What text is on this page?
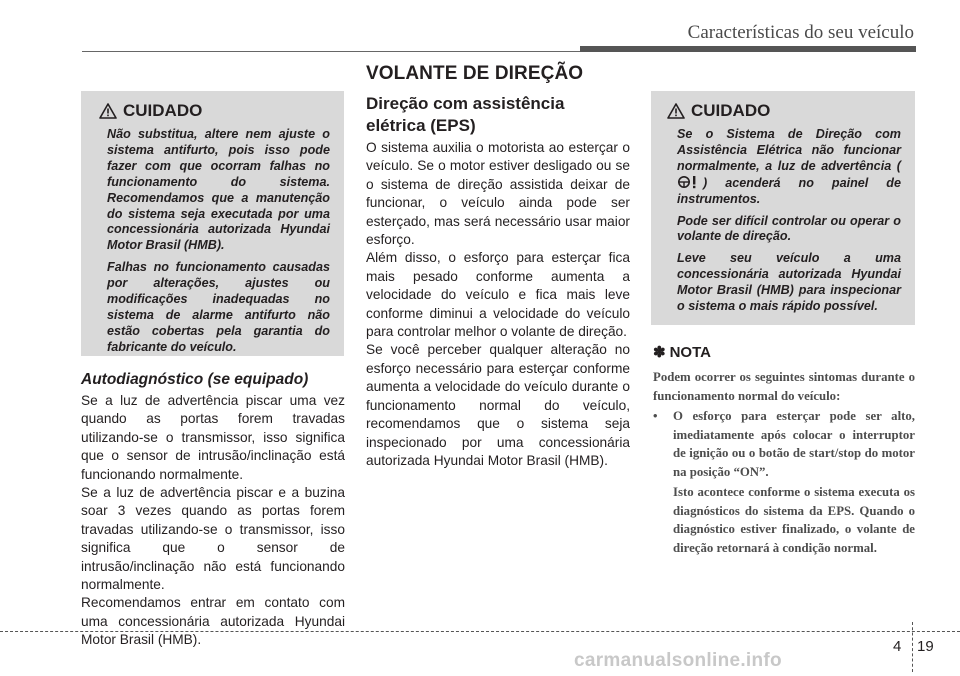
Características do seu veículo
VOLANTE DE DIREÇÃO
CUIDADO

Não substitua, altere nem ajuste o sistema antifurto, pois isso pode fazer com que ocorram falhas no funcionamento do sistema. Recomendamos que a manutenção do sistema seja executada por uma concessionária autorizada Hyundai Motor Brasil (HMB).

Falhas no funcionamento causadas por alterações, ajustes ou modificações inadequadas no sistema de alarme antifurto não estão cobertas pela garantia do fabricante do veículo.

Autodiagnóstico (se equipado)

Se a luz de advertência piscar uma vez quando as portas forem travadas utilizando-se o transmissor, isso significa que o sensor de intrusão/inclinação está funcionando normalmente.

Se a luz de advertência piscar e a buzina soar 3 vezes quando as portas forem travadas utilizando-se o transmissor, isso significa que o sensor de intrusão/inclinação não está funcionando normalmente.

Recomendamos entrar em contato com uma concessionária autorizada Hyundai Motor Brasil (HMB).

Direção com assistência elétrica (EPS)

O sistema auxilia o motorista ao esterçar o veículo. Se o motor estiver desligado ou se o sistema de direção assistida deixar de funcionar, o veículo ainda pode ser esterçado, mas será necessário usar maior esforço.

Além disso, o esforço para esterçar fica mais pesado conforme aumenta a velocidade do veículo e fica mais leve conforme diminui a velocidade do veículo para controlar melhor o volante de direção.

Se você perceber qualquer alteração no esforço necessário para esterçar conforme aumenta a velocidade do veículo durante o funcionamento normal do veículo, recomendamos que o sistema seja inspecionado por uma concessionária autorizada Hyundai Motor Brasil (HMB).

CUIDADO

Se o Sistema de Direção com Assistência Elétrica não funcionar normalmente, a luz de advertência () acenderá no painel de instrumentos.

Pode ser difícil controlar ou operar o volante de direção.

Leve seu veículo a uma concessionária autorizada Hyundai Motor Brasil (HMB) para inspecionar o sistema o mais rápido possível.

✽ NOTA

Podem ocorrer os seguintes sintomas durante o funcionamento normal do veículo:

•	O esforço para esterçar pode ser alto, imediatamente após colocar o interruptor de ignição ou o botão de start/stop do motor na posição “ON”.

Isto acontece conforme o sistema executa os diagnósticos do sistema da EPS. Quando o diagnóstico estiver finalizado, o volante de direção retornará à condição normal.

4 19
carmanualsonline.info
